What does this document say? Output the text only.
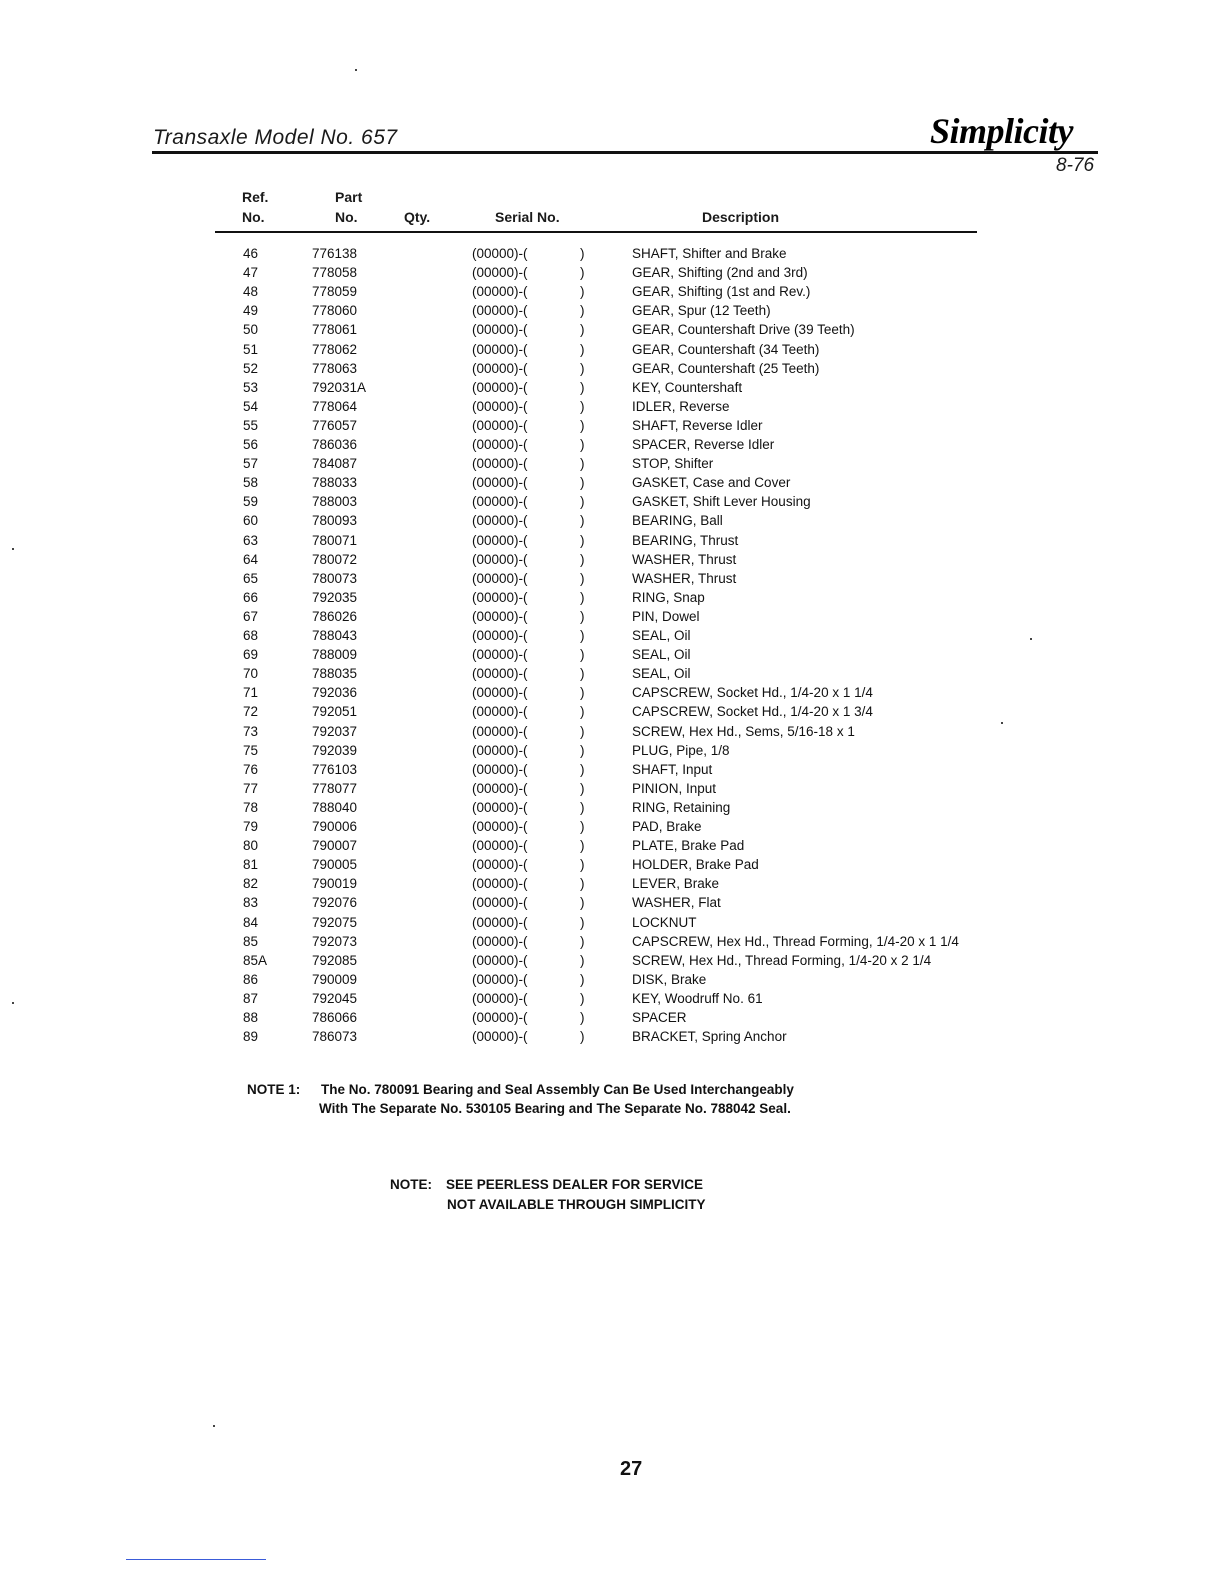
Transaxle Model No. 657	Simplicity
8-76
Ref.
No.
Part
No.	Qty.	Serial No.	Description
46	776138	(00000)-(	)	SHAFT, Shifter and Brake
47	778058	(00000)-(	)	GEAR, Shifting (2nd and 3rd)
48	778059	(00000)-(	)	GEAR, Shifting (1st and Rev.)
49	778060	(00000)-(	)	GEAR, Spur (12 Teeth)
50	778061	(00000)-(	)	GEAR, Countershaft Drive (39 Teeth)
51	778062	(00000)-(	)	GEAR, Countershaft (34 Teeth)
52	778063	(00000)-(	)	GEAR, Countershaft (25 Teeth)
53	792031A	(00000)-(	)	KEY, Countershaft
54	778064	(00000)-(	)	IDLER, Reverse
55	776057	(00000)-(	)	SHAFT, Reverse Idler
56	786036	(00000)-(	)	SPACER, Reverse Idler
57	784087	(00000)-(	)	STOP, Shifter
58	788033	(00000)-(	)	GASKET, Case and Cover
59	788003	(00000)-(	)	GASKET, Shift Lever Housing
60	780093	(00000)-(	)	BEARING, Ball
63	780071	(00000)-(	)	BEARING, Thrust
64	780072	(00000)-(	)	WASHER, Thrust
65	780073	(00000)-(	)	WASHER, Thrust
66	792035	(00000)-(	)	RING, Snap
67	786026	(00000)-(	)	PIN, Dowel
68	788043	(00000)-(	)	SEAL, Oil
69	788009	(00000)-(	)	SEAL, Oil
70	788035	(00000)-(	)	SEAL, Oil
71	792036	(00000)-(	)	CAPSCREW, Socket Hd., 1/4-20 x 1 1/4
72	792051	(00000)-(	)	CAPSCREW, Socket Hd., 1/4-20 x 1 3/4
73	792037	(00000)-(	)	SCREW, Hex Hd., Sems, 5/16-18 x 1
75	792039	(00000)-(	)	PLUG, Pipe, 1/8
76	776103	(00000)-(	)	SHAFT, Input
77	778077	(00000)-(	)	PINION, Input
78	788040	(00000)-(	)	RING, Retaining
79	790006	(00000)-(	)	PAD, Brake
80	790007	(00000)-(	)	PLATE, Brake Pad
81	790005	(00000)-(	)	HOLDER, Brake Pad
82	790019	(00000)-(	)	LEVER, Brake
83	792076	(00000)-(	)	WASHER, Flat
84	792075	(00000)-(	)	LOCKNUT
85	792073	(00000)-(	)	CAPSCREW, Hex Hd., Thread Forming, 1/4-20 x 1 1/4
85A	792085	(00000)-(	)	SCREW, Hex Hd., Thread Forming, 1/4-20 x 2 1/4
86	790009	(00000)-(	)	DISK, Brake
87	792045	(00000)-(	)	KEY, Woodruff No. 61
88	786066	(00000)-(	)	SPACER
89	786073	(00000)-(	)	BRACKET, Spring Anchor
NOTE 1: The No. 780091 Bearing and Seal Assembly Can Be Used Interchangeably
With The Separate No. 530105 Bearing and The Separate No. 788042 Seal.
NOTE: SEE PEERLESS DEALER FOR SERVICE
NOT AVAILABLE THROUGH SIMPLICITY
27
